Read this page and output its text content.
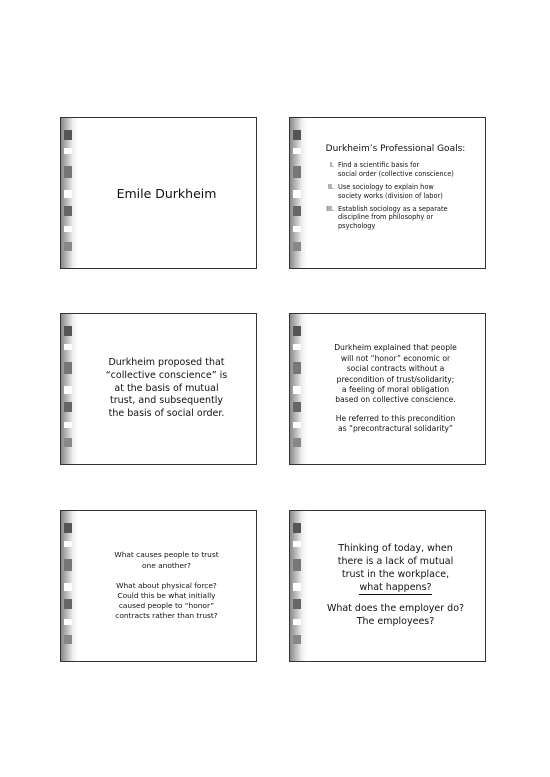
Emile Durkheim
Durkheim’s Professional Goals:
I. Find a scientific basis for
social order (collective conscience)
II. Use sociology to explain how
society works (division of labor)
III. Establish sociology as a separate
discipline from philosophy or
psychology

Durkheim proposed that
“collective conscience” is
at the basis of mutual
trust, and subsequently
the basis of social order.

Durkheim explained that people
will not “honor” economic or
social contracts without a
precondition of trust/solidarity;
a feeling of moral obligation
based on collective conscience.

He referred to this precondition
as “precontractural solidarity”

What causes people to trust
one another?

What about physical force?
Could this be what initially
caused people to “honor”
contracts rather than trust?

Thinking of today, when
there is a lack of mutual
trust in the workplace,
what happens?

What does the employer do?
The employees?
